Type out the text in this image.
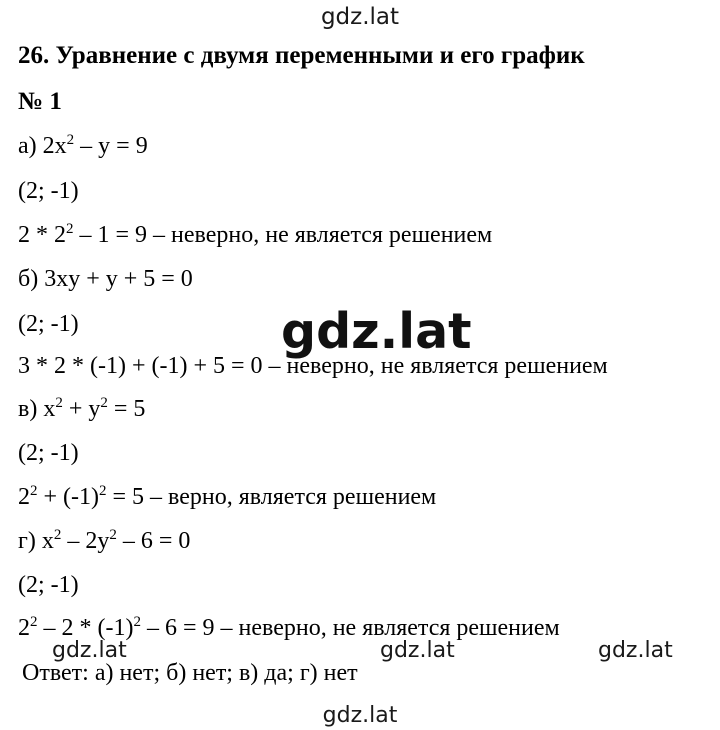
gdz.lat
26. Уравнение с двумя переменными и его график
№ 1
а) $2x^2 - y = 9$
(2; -1)
$2 * 2^2 - 1 = 9$ – неверно, не является решением
б) 3xy + y + 5 = 0
(2; -1)
3 * 2 * (-1) + (-1) + 5 = 0 – неверно, не является решением
в) $x^2 + y^2 = 5$
(2; -1)
$2^2 + (-1)^2 = 5$ – верно, является решением
г) $x^2 - 2y^2 - 6 = 0$
(2; -1)
$2^2 - 2 * (-1)^2 - 6 = 9$ – неверно, не является решением
Ответ: а) нет; б) нет; в) да; г) нет
gdz.lat
gdz.lat	gdz.lat	gdz.lat
gdz.lat
